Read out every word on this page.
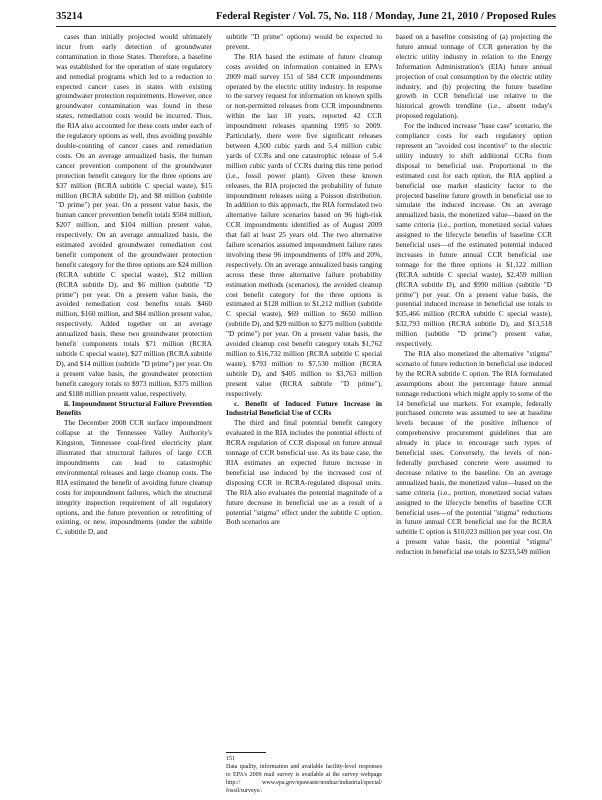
35214	Federal Register / Vol. 75, No. 118 / Monday, June 21, 2010 / Proposed Rules

cases than initially projected would ultimately incur from early detection of groundwater contamination in those States. Therefore, a baseline was established for the operation of state regulatory and remedial programs which led to a reduction to expected cancer cases in states with existing groundwater protection requirements. However, once groundwater contamination was found in these states, remediation costs would be incurred. Thus, the RIA also accounted for these costs under each of the regulatory options as well, thus avoiding possible double-counting of cancer cases and remediation costs. On an average annualized basis, the human cancer prevention component of the groundwater protection benefit category for the three options are $37 million (RCRA subtitle C special waste), $15 million (RCRA subtitle D), and $8 million (subtitle "D prime") per year. On a present value basis, the human cancer prevention benefit totals $504 million, $207 million, and $104 million present value, respectively. On an average annualized basis, the estimated avoided groundwater remediation cost benefit component of the groundwater protection benefit category for the three options are $24 million (RCRA subtitle C special waste), $12 million (RCRA subtitle D), and $6 million (subtitle "D prime") per year. On a present value basis, the avoided remediation cost benefits totals $460 million, $160 million, and $84 million present value, respectively. Added together on an average annualized basis, these two groundwater protection benefit components totals $71 million (RCRA subtitle C special waste), $27 million (RCRA subtitle D), and $14 million (subtitle "D prime") per year. On a present value basis, the groundwater protection benefit category totals to $973 million, $375 million and $188 million present value, respectively.

ii. Impoundment Structural Failure Prevention Benefits

The December 2008 CCR surface impoundment collapse at the Tennessee Valley Authority's Kingston, Tennessee coal-fired electricity plant illustrated that structural failures of large CCR impoundments can lead to catastrophic environmental releases and large cleanup costs. The RIA estimated the benefit of avoiding future cleanup costs for impoundment failures, which the structural integrity inspection requirement of all regulatory options, and the future prevention or retrofitting of existing, or new, impoundments (under the subtitle C, subtitle D, and

subtitle "D prime" options) would be expected to prevent.

The RIA based the estimate of future cleanup costs avoided on information contained in EPA's 2009 mail survey 151 of 584 CCR impoundments operated by the electric utility industry. In response to the survey request for information on known spills or non-permitted releases from CCR impoundments within the last 10 years, reported 42 CCR impoundment releases spanning 1995 to 2009. Particularly, there were five significant releases between 4,500 cubic yards and 5.4 million cubic yards of CCRs and one catastrophic release of 5.4 million cubic yards of CCRs during this time period (i.e., fossil power plant). Given these known releases, the RIA projected the probability of future impoundment releases using a Poisson distribution. In addition to this approach, the RIA formulated two alternative failure scenarios based on 96 high-risk CCR impoundments identified as of August 2009 that fail at least 25 years old. The two alternative failure scenarios assumed impoundment failure rates involving these 96 impoundments of 10% and 20%, respectively. On an average annualized basis ranging across these three alternative failure probability estimation methods (scenarios), the avoided cleanup cost benefit category for the three options is estimated at $128 million to $1,212 million (subtitle C special waste), $69 million to $650 million (subtitle D), and $29 million to $275 million (subtitle "D prime") per year. On a present value basis, the avoided cleanup cost benefit category totals $1,762 million to $16,732 million (RCRA subtitle C special waste), $793 million to $7,530 million (RCRA subtitle D), and $405 million to $3,763 million present value (RCRA subtitle "D prime"), respectively.

c. Benefit of Induced Future Increase in Industrial Beneficial Use of CCRs

The third and final potential benefit category evaluated in the RIA includes the potential effects of RCRA regulation of CCR disposal on future annual tonnage of CCR beneficial use. As its base case, the RIA estimates an expected future increase in beneficial use induced by the increased cost of disposing CCR in RCRA-regulated disposal units. The RIA also evaluates the potential magnitude of a future decrease in beneficial use as a result of a potential "stigma" effect under the subtitle C option. Both scenarios are

based on a baseline consisting of (a) projecting the future annual tonnage of CCR generation by the electric utility industry in relation to the Energy Information Administration's (EIA) future annual projection of coal consumption by the electric utility industry, and (b) projecting the future baseline growth in CCR beneficial use relative to the historical growth trendline (i.e., absent today's proposed regulation).

For the induced increase "base case" scenario, the compliance costs for each regulatory option represent an "avoided cost incentive" to the electric utility industry to shift additional CCRs from disposal to beneficial use. Proportional to the estimated cost for each option, the RIA applied a beneficial use market elasticity factor to the projected baseline future growth in beneficial use to simulate the induced increase. On an average annualized basis, the monetized value—based on the same criteria (i.e., portion, monetized social values assigned to the lifecycle benefits of baseline CCR beneficial uses—of the estimated potential induced increases in future annual CCR beneficial use tonnage for the three options is $1,122 million (RCRA subtitle C special waste), $2,459 million (RCRA subtitle D), and $990 million (subtitle "D prime") per year. On a present value basis, the potential induced increase in beneficial use totals to $35,466 million (RCRA subtitle C special waste), $32,793 million (RCRA subtitle D), and $13,518 million (subtitle "D prime") present value, respectively.

The RIA also monetized the alternative "stigma" scenario of future reduction in beneficial use induced by the RCRA subtitle C option. The RIA formulated assumptions about the percentage future annual tonnage reductions which might apply to some of the 14 beneficial use markets. For example, federally purchased concrete was assumed to see at baseline levels because of the positive influence of comprehensive procurement guidelines that are already in place to encourage such types of beneficial uses. Conversely, the levels of non-federally purchased concrete were assumed to decrease relative to the baseline. On an average annualized basis, the monetized value—based on the same criteria (i.e., portion, monetized social values assigned to the lifecycle benefits of baseline CCR beneficial uses—of the potential "stigma" reductions in future annual CCR beneficial use for the RCRA subtitle C option is $10,023 million per year cost. On a present value basis, the potential "stigma" reduction in beneficial use totals to $233,549 million

151
Data quality, information and available facility-level responses to EPA's 2009 mail survey is available at the survey webpage http:// www.epa.gov/epawaste/nonhaz/industrial/special/ fossil/surveys/.
